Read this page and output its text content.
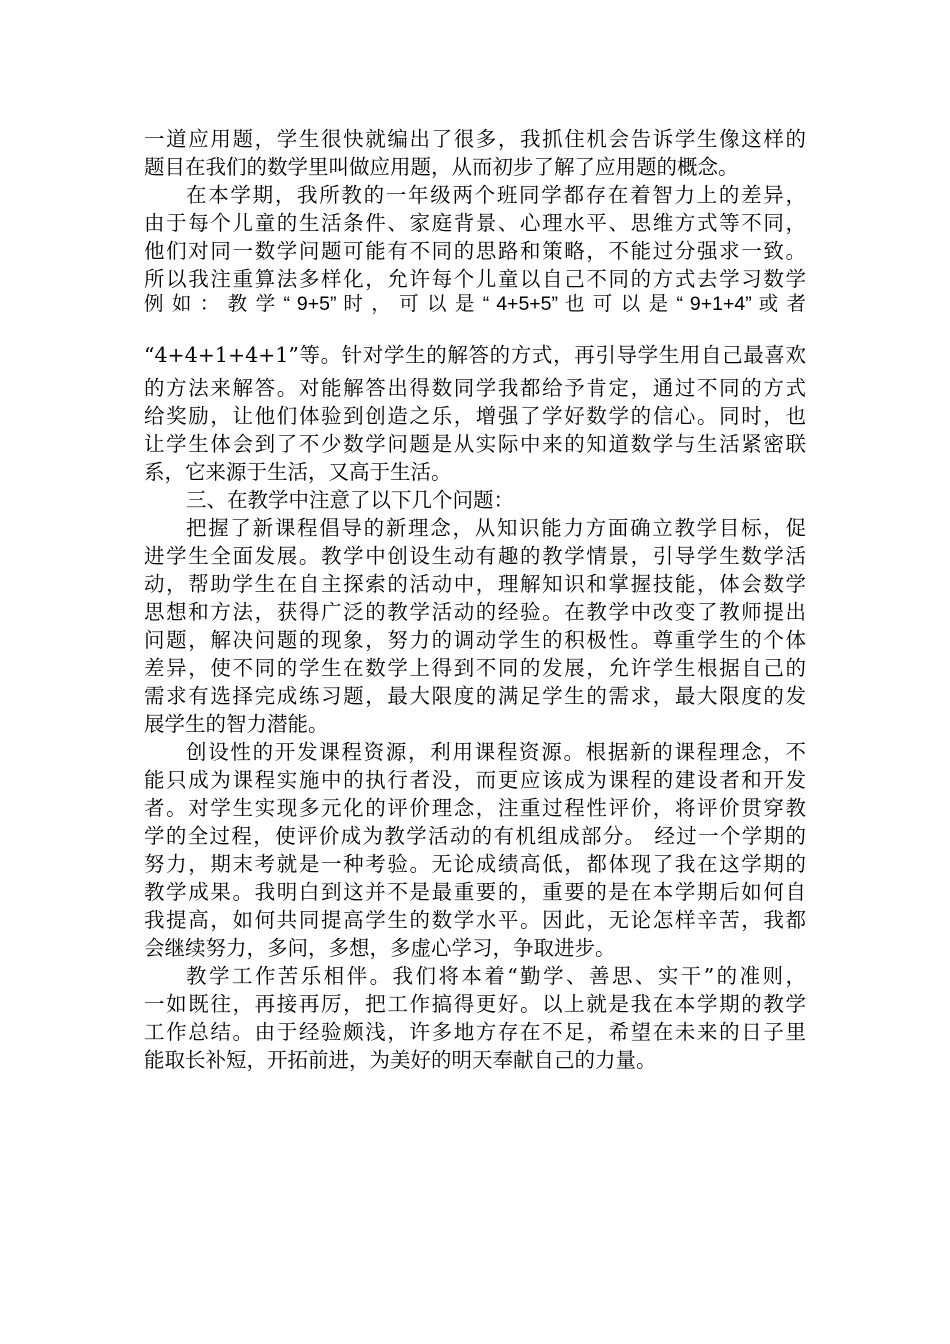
一道应用题，学生很快就编出了很多，我抓住机会告诉学生像这样的
题目在我们的数学里叫做应用题，从而初步了解了应用题的概念。
在本学期，我所教的一年级两个班同学都存在着智力上的差异，
由于每个儿童的生活条件、家庭背景、心理水平、思维方式等不同，
他们对同一数学问题可能有不同的思路和策略，不能过分强求一致。
所以我注重算法多样化，允许每个儿童以自己不同的方式去学习数学
例 如 ： 教 学 “ 9+5” 时 ， 可 以 是 “ 4+5+5” 也 可 以 是 “ 9+1+4” 或 者
“4+4+1+4+1”等。针对学生的解答的方式，再引导学生用自己最喜欢
的方法来解答。对能解答出得数同学我都给予肯定，通过不同的方式
给奖励，让他们体验到创造之乐，增强了学好数学的信心。同时，也
让学生体会到了不少数学问题是从实际中来的知道数学与生活紧密联
系，它来源于生活，又高于生活。
三、在教学中注意了以下几个问题：
把握了新课程倡导的新理念，从知识能力方面确立教学目标，促
进学生全面发展。教学中创设生动有趣的教学情景，引导学生数学活
动，帮助学生在自主探索的活动中，理解知识和掌握技能，体会数学
思想和方法，获得广泛的教学活动的经验。在教学中改变了教师提出
问题，解决问题的现象，努力的调动学生的积极性。尊重学生的个体
差异，使不同的学生在数学上得到不同的发展，允许学生根据自己的
需求有选择完成练习题，最大限度的满足学生的需求，最大限度的发
展学生的智力潜能。
创设性的开发课程资源，利用课程资源。根据新的课程理念，不
能只成为课程实施中的执行者没，而更应该成为课程的建设者和开发
者。对学生实现多元化的评价理念，注重过程性评价，将评价贯穿教
学的全过程，使评价成为教学活动的有机组成部分。 经过一个学期的
努力，期末考就是一种考验。无论成绩高低，都体现了我在这学期的
教学成果。我明白到这并不是最重要的，重要的是在本学期后如何自
我提高，如何共同提高学生的数学水平。因此，无论怎样辛苦，我都
会继续努力，多问，多想，多虚心学习，争取进步。
教学工作苦乐相伴。我们将本着“勤学、善思、实干”的准则，
一如既往，再接再厉，把工作搞得更好。以上就是我在本学期的教学
工作总结。由于经验颇浅，许多地方存在不足，希望在未来的日子里
能取长补短，开拓前进，为美好的明天奉献自己的力量。
